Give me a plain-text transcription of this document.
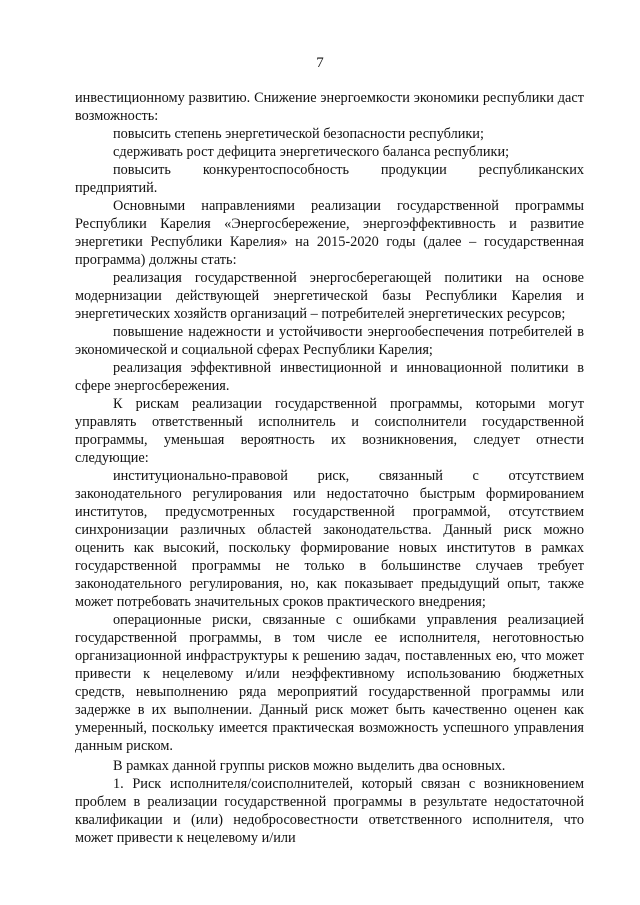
7

инвестиционному развитию. Снижение энергоемкости экономики республики даст возможность:

повысить степень энергетической безопасности республики;

сдерживать рост дефицита энергетического баланса республики;

повысить конкурентоспособность продукции республиканских предприятий.

Основными направлениями реализации государственной программы Республики Карелия «Энергосбережение, энергоэффективность и развитие энергетики Республики Карелия» на 2015-2020 годы (далее – государственная программа) должны стать:

реализация государственной энергосберегающей политики на основе модернизации действующей энергетической базы Республики Карелия и энергетических хозяйств организаций – потребителей энергетических ресурсов;

повышение надежности и устойчивости энергообеспечения потребителей в экономической и социальной сферах Республики Карелия;

реализация эффективной инвестиционной и инновационной политики в сфере энергосбережения.

К рискам реализации государственной программы, которыми могут управлять ответственный исполнитель и соисполнители государственной программы, уменьшая вероятность их возникновения, следует отнести следующие:

институционально-правовой риск, связанный с отсутствием законодательного регулирования или недостаточно быстрым формированием институтов, предусмотренных государственной программой, отсутствием синхронизации различных областей законодательства. Данный риск можно оценить как высокий, поскольку формирование новых институтов в рамках государственной программы не только в большинстве случаев требует законодательного регулирования, но, как показывает предыдущий опыт, также может потребовать значительных сроков практического внедрения;

операционные риски, связанные с ошибками управления реализацией государственной программы, в том числе ее исполнителя, неготовностью организационной инфраструктуры к решению задач, поставленных ею, что может привести к нецелевому и/или неэффективному использованию бюджетных средств, невыполнению ряда мероприятий государственной программы или задержке в их выполнении. Данный риск может быть качественно оценен как умеренный, поскольку имеется практическая возможность успешного управления данным риском.

В рамках данной группы рисков можно выделить два основных.

1. Риск исполнителя/соисполнителей, который связан с возникновением проблем в реализации государственной программы в результате недостаточной квалификации и (или) недобросовестности ответственного исполнителя, что может привести к нецелевому и/или
